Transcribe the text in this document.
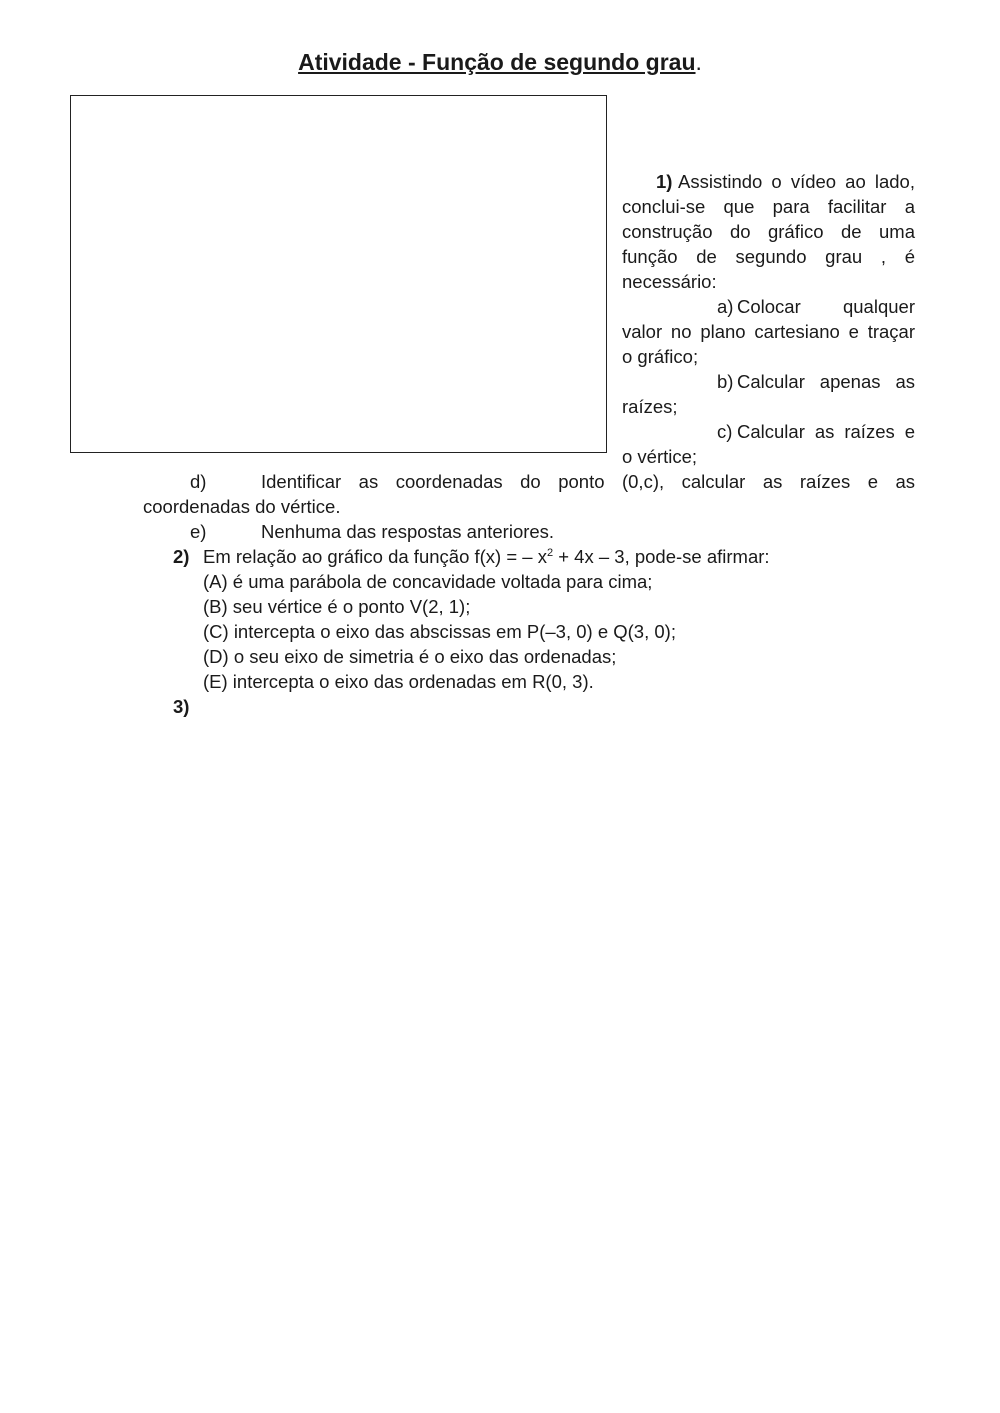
Atividade - Função de segundo grau.
1) Assistindo o vídeo ao lado,
conclui-se que para facilitar a
construção do gráfico de uma
função de segundo grau , é
necessário:
a) Colocar qualquer
valor no plano cartesiano e traçar
o gráfico;
b) Calcular apenas as
raízes;
c) Calcular as raízes e
o vértice;
d)	Identificar as coordenadas do ponto (0,c), calcular as raízes e as
coordenadas do vértice.
e)	Nenhuma das respostas anteriores.
2) Em relação ao gráfico da função f(x) = – $x^2 + 4x - 3$, pode-se afirmar:
(A) é uma parábola de concavidade voltada para cima;
(B) seu vértice é o ponto V(2, 1);
(C) intercepta o eixo das abscissas em P(–3, 0) e Q(3, 0);
(D) o seu eixo de simetria é o eixo das ordenadas;
(E) intercepta o eixo das ordenadas em R(0, 3).
3)
